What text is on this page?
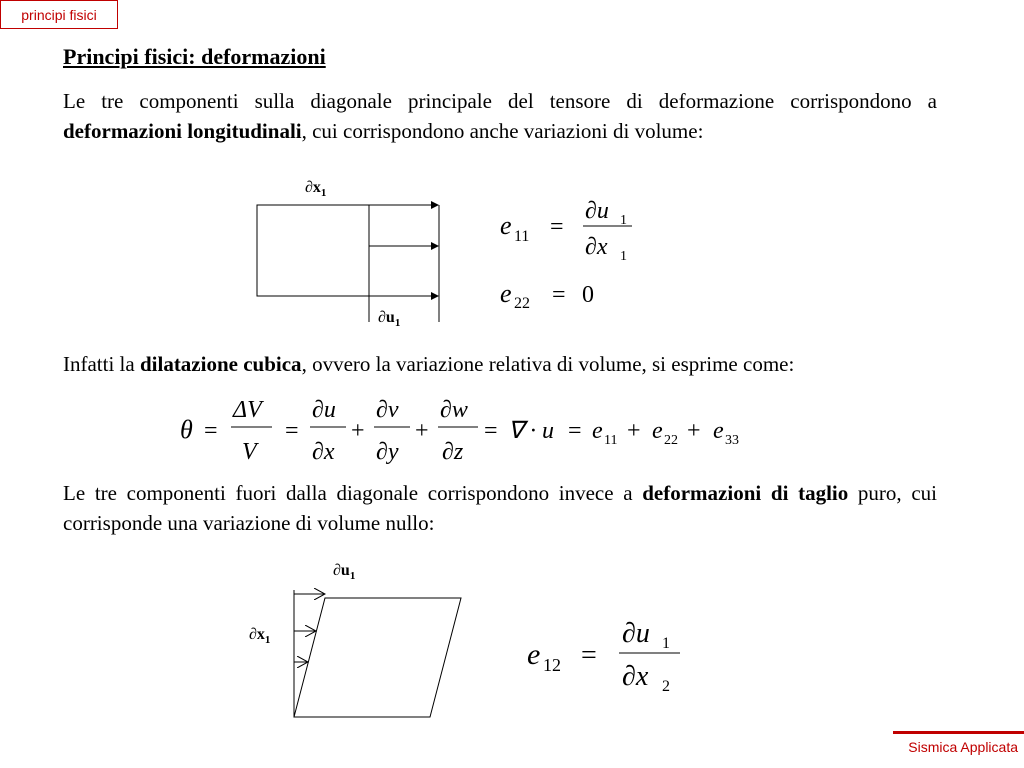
principi fisici
Principi fisici: deformazioni

Le tre componenti sulla diagonale principale del tensore di deformazione corrispondono a deformazioni longitudinali, cui corrispondono anche variazioni di volume:

Infatti la dilatazione cubica, ovvero la variazione relativa di volume, si esprime come:

Le tre componenti fuori dalla diagonale corrispondono invece a deformazioni di taglio puro, cui corrisponde una variazione di volume nullo:

$\partial x_1$
$\partial u_1$
e 11 =
∂u 1
∂x 1
e 22 = 0
θ =
ΔV
V
=
∂u
∂x
+
∂v
∂y
+
∂w
∂z
= ∇ · u = e 11 + e 22 + e 33
$\partial u_1$
$\partial x_1$	e 12 =
∂u 1
∂x 2
Sismica Applicata
